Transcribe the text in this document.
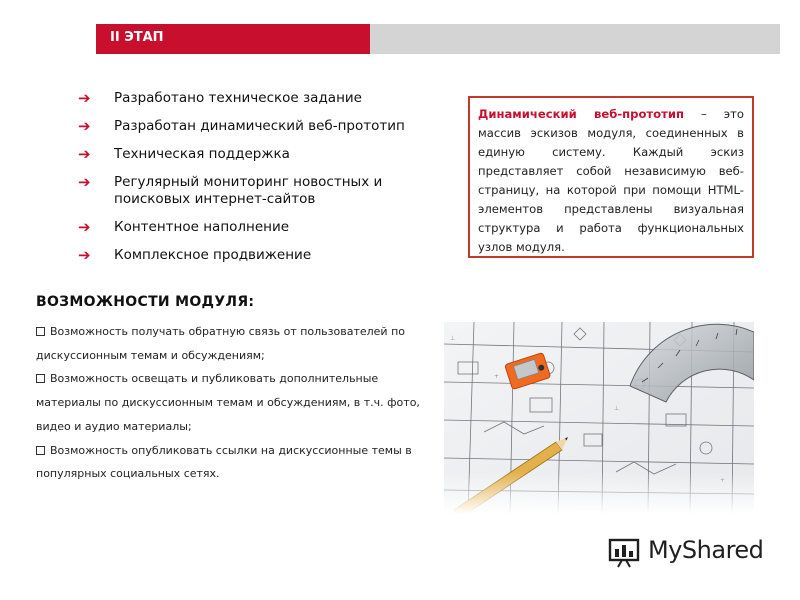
II ЭТАП
➔ Разработано техническое задание
➔ Разработан динамический веб-прототип
➔ Техническая поддержка
➔ Регулярный мониторинг новостных и поисковых интернет-сайтов
➔ Контентное наполнение
➔ Комплексное продвижение
Динамический веб-прототип – это массив эскизов модуля, соединенных в единую систему. Каждый эскиз представляет собой независимую веб-страницу, на которой при помощи HTML-элементов представлены визуальная структура и работа функциональных узлов модуля.
ВОЗМОЖНОСТИ МОДУЛЯ:
Возможность получать обратную связь от пользователей по дискуссионным темам и обсуждениям;
Возможность освещать и публиковать дополнительные материалы по дискуссионным темам и обсуждениям, в т.ч. фото, видео и аудио материалы;
Возможность опубликовать ссылки на дискуссионные темы в популярных социальных сетях.
MyShared
